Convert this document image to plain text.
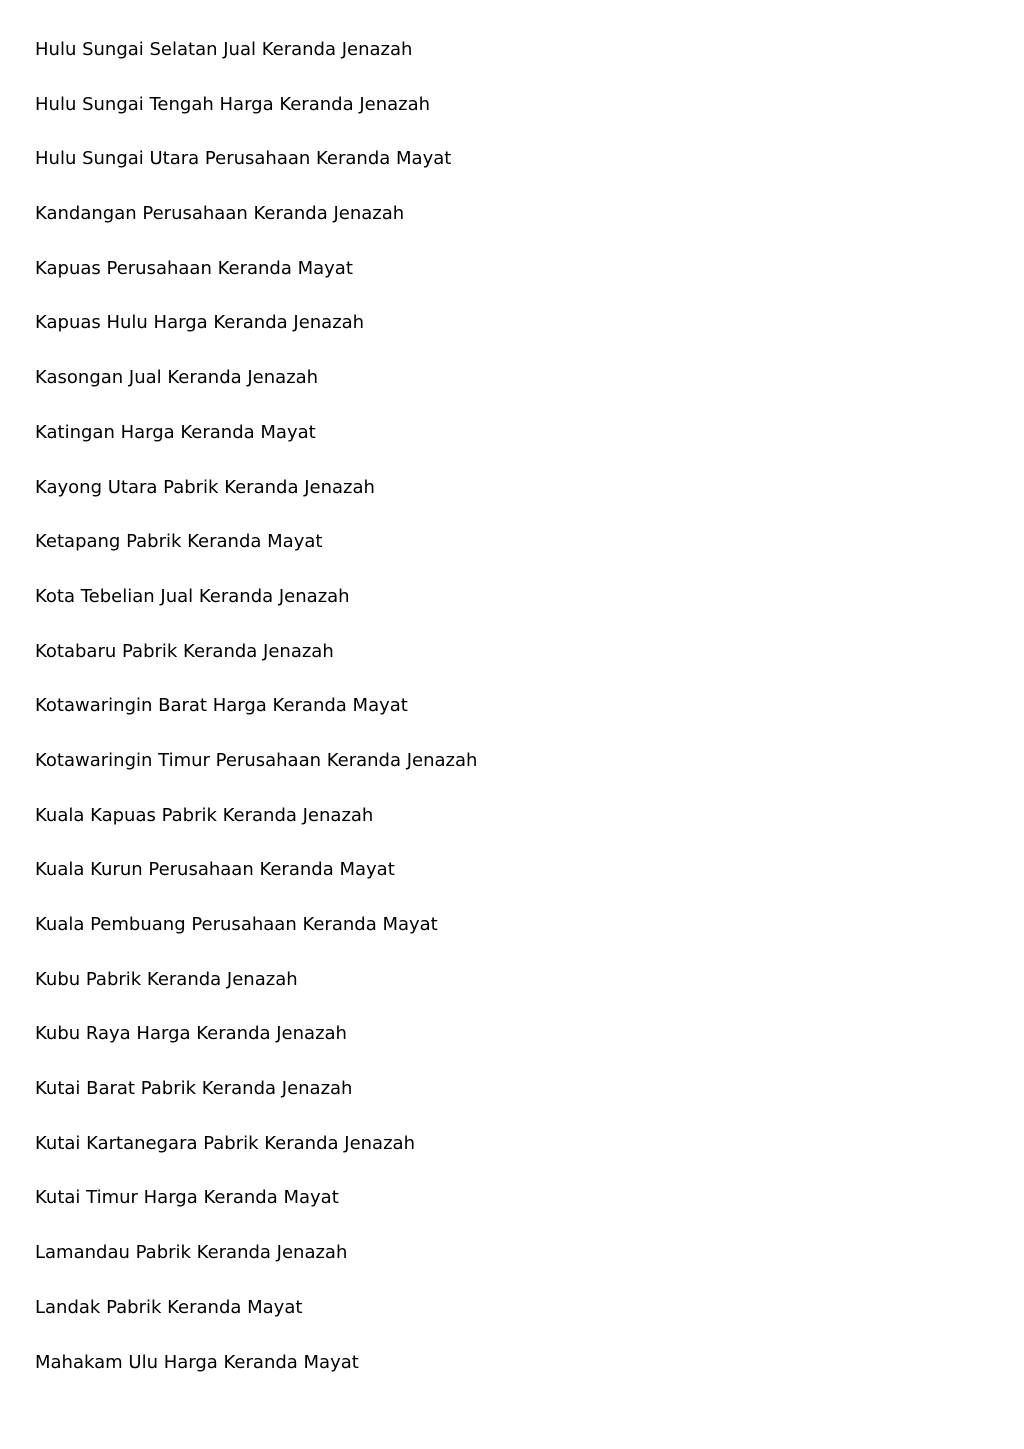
Hulu Sungai Selatan Jual Keranda Jenazah
Hulu Sungai Tengah Harga Keranda Jenazah
Hulu Sungai Utara Perusahaan Keranda Mayat
Kandangan Perusahaan Keranda Jenazah
Kapuas Perusahaan Keranda Mayat
Kapuas Hulu Harga Keranda Jenazah
Kasongan Jual Keranda Jenazah
Katingan Harga Keranda Mayat
Kayong Utara Pabrik Keranda Jenazah
Ketapang Pabrik Keranda Mayat
Kota Tebelian Jual Keranda Jenazah
Kotabaru Pabrik Keranda Jenazah
Kotawaringin Barat Harga Keranda Mayat
Kotawaringin Timur Perusahaan Keranda Jenazah
Kuala Kapuas Pabrik Keranda Jenazah
Kuala Kurun Perusahaan Keranda Mayat
Kuala Pembuang Perusahaan Keranda Mayat
Kubu Pabrik Keranda Jenazah
Kubu Raya Harga Keranda Jenazah
Kutai Barat Pabrik Keranda Jenazah
Kutai Kartanegara Pabrik Keranda Jenazah
Kutai Timur Harga Keranda Mayat
Lamandau Pabrik Keranda Jenazah
Landak Pabrik Keranda Mayat
Mahakam Ulu Harga Keranda Mayat
